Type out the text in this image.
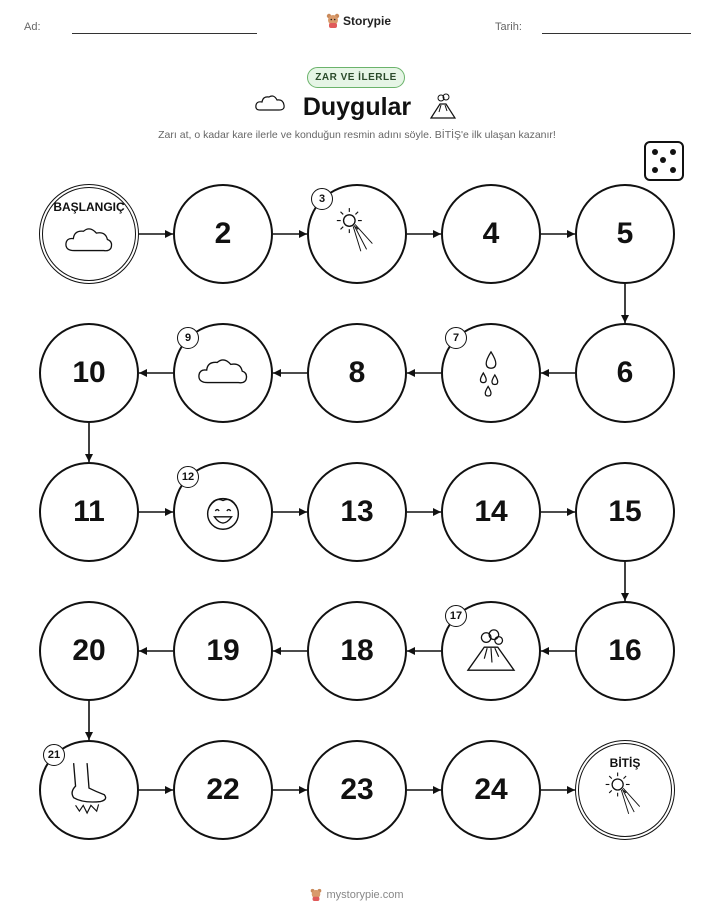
Ad:	Storypie	Tarih:
ZAR VE İLERLE
Duygular
Zarı at, o kadar kare ilerle ve konduğun resmin adını söyle. BİTİŞ'e ilk ulaşan kazanır!
BAŞLANGIÇ
2
3
4	5
6
7
8
9
10
11
12
13	14	15
16
17
18
19
20
21
22	23	24
BİTİŞ
mystorypie.com
